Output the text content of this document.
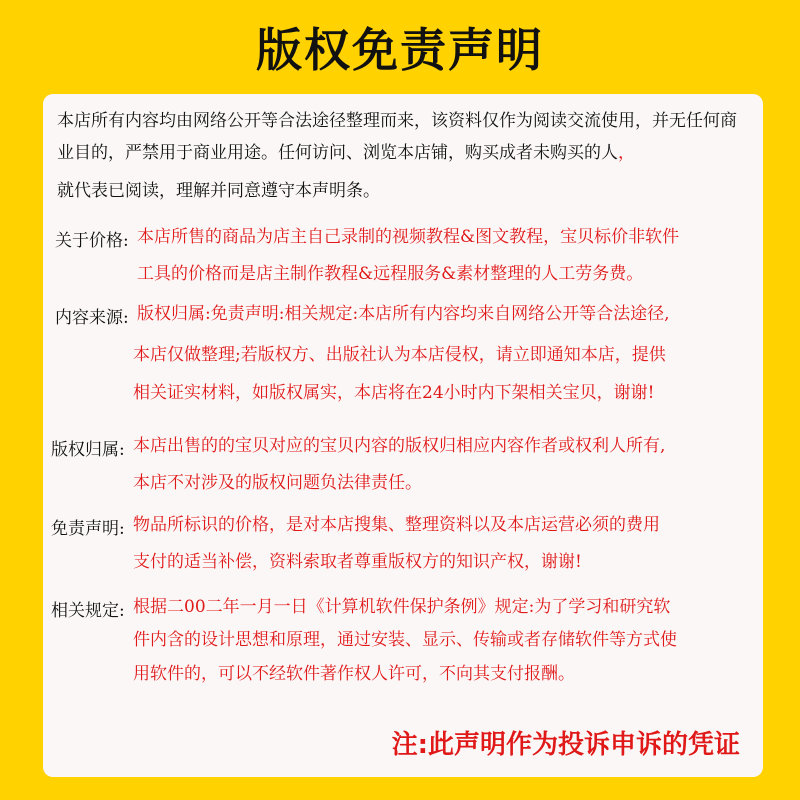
版权免责声明
本店所有内容均由网络公开等合法途径整理而来，该资料仅作为阅读交流使用，并无任何商业目的，严禁用于商业用途。任何访问、浏览本店铺，购买成者未购买的人，
就代表已阅读，理解并同意遵守本声明条。
关于价格: 本店所售的商品为店主自己录制的视频教程&图文教程，宝贝标价非软件
工具的价格而是店主制作教程&远程服务&素材整理的人工劳务费。
内容来源: 版权归属:免责声明:相关规定:本店所有内容均来自网络公开等合法途径,
本店仅做整理;若版权方、出版社认为本店侵权，请立即通知本店，提供
相关证实材料，如版权属实，本店将在24小时内下架相关宝贝，谢谢!
版权归属: 本店出售的的宝贝对应的宝贝内容的版权归相应内容作者或权利人所有,
本店不对涉及的版权问题负法律责任。
免责声明: 物品所标识的价格，是对本店搜集、整理资料以及本店运营必须的费用
支付的适当补偿，资料索取者尊重版权方的知识产权，谢谢!
相关规定: 根据二00二年一月一日《计算机软件保护条例》规定:为了学习和研究软
件内含的设计思想和原理，通过安装、显示、传输或者存储软件等方式使
用软件的，可以不经软件著作权人许可，不向其支付报酬。
注:此声明作为投诉申诉的凭证
